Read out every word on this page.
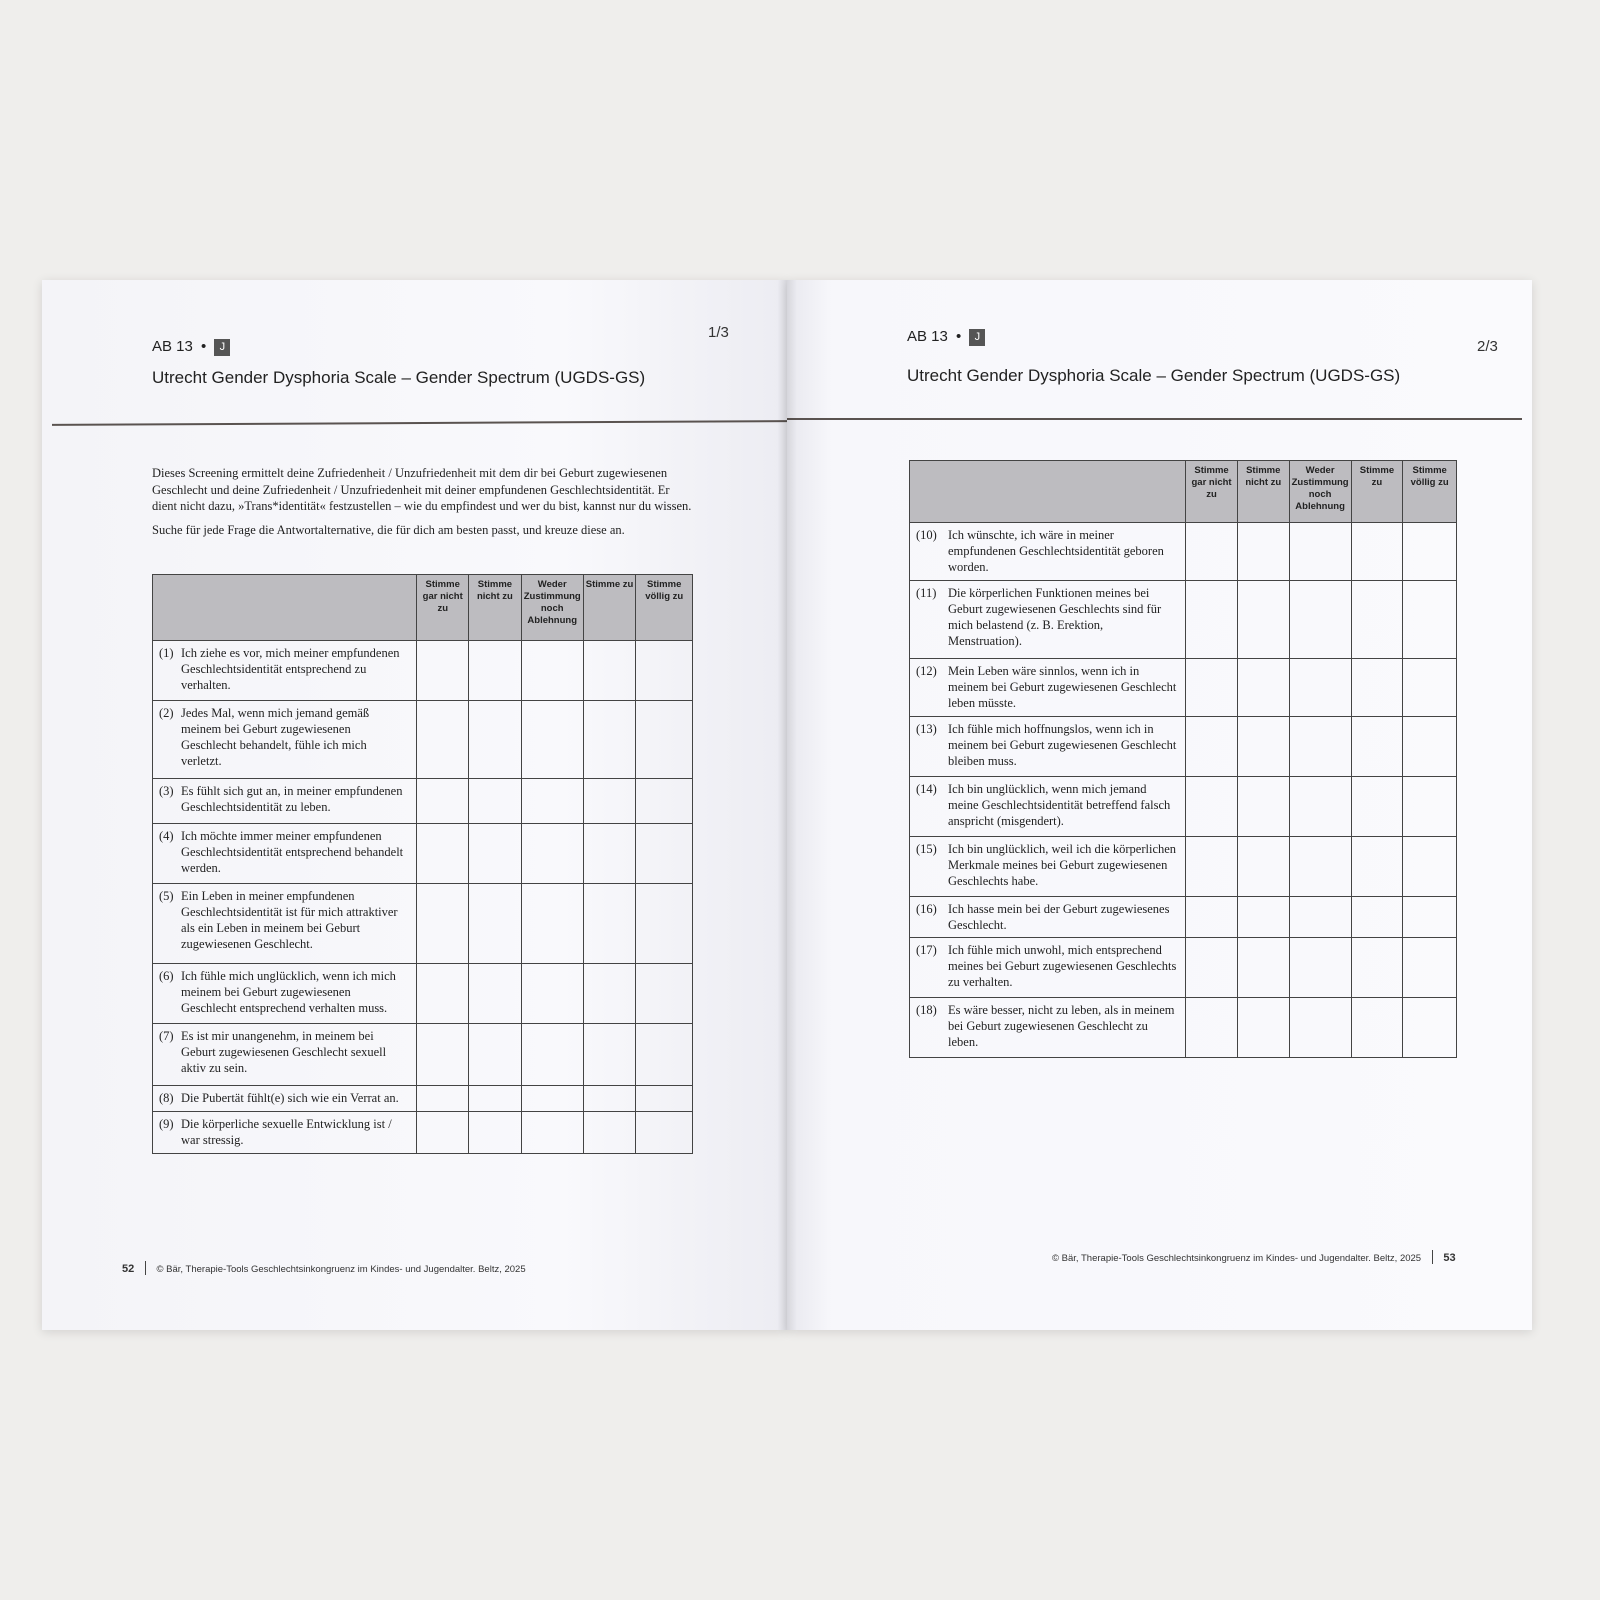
AB 13 • J
1/3
Utrecht Gender Dysphoria Scale – Gender Spectrum (UGDS-GS)

Dieses Screening ermittelt deine Zufriedenheit / Unzufriedenheit mit dem dir bei Geburt zugewiesenen Geschlecht und deine Zufriedenheit / Unzufriedenheit mit deiner empfundenen Geschlechtsidentität. Er dient nicht dazu, »Trans*identität« festzustellen – wie du empfindest und wer du bist, kannst nur du wissen.

Suche für jede Frage die Antwortalternative, die für dich am besten passt, und kreuze diese an.

	Stimme gar nicht zu	Stimme nicht zu	Weder Zustimmung noch Ablehnung	Stimme zu	Stimme völlig zu
(1) Ich ziehe es vor, mich meiner empfundenen Geschlechtsidentität entsprechend zu verhalten.					
(2) Jedes Mal, wenn mich jemand gemäß meinem bei Geburt zugewiesenen Geschlecht behandelt, fühle ich mich verletzt.					
(3) Es fühlt sich gut an, in meiner empfundenen Geschlechtsidentität zu leben.					
(4) Ich möchte immer meiner empfundenen Geschlechtsidentität entsprechend behandelt werden.					
(5) Ein Leben in meiner empfundenen Geschlechtsidentität ist für mich attraktiver als ein Leben in meinem bei Geburt zugewiesenen Geschlecht.					
(6) Ich fühle mich unglücklich, wenn ich mich meinem bei Geburt zugewiesenen Geschlecht entsprechend verhalten muss.					
(7) Es ist mir unangenehm, in meinem bei Geburt zugewiesenen Geschlecht sexuell aktiv zu sein.					
(8) Die Pubertät fühlt(e) sich wie ein Verrat an.					
(9) Die körperliche sexuelle Entwicklung ist / war stressig.					
52 © Bär, Therapie-Tools Geschlechtsinkongruenz im Kindes- und Jugendalter. Beltz, 2025
AB 13 • J
2/3
Utrecht Gender Dysphoria Scale – Gender Spectrum (UGDS-GS)
	Stimme gar nicht zu	Stimme nicht zu	Weder Zustimmung noch Ablehnung	Stimme zu	Stimme völlig zu
(10) Ich wünschte, ich wäre in meiner empfundenen Geschlechtsidentität geboren worden.					
(11) Die körperlichen Funktionen meines bei Geburt zugewiesenen Geschlechts sind für mich belastend (z. B. Erektion, Menstruation).					
(12) Mein Leben wäre sinnlos, wenn ich in meinem bei Geburt zugewiesenen Geschlecht leben müsste.					
(13) Ich fühle mich hoffnungslos, wenn ich in meinem bei Geburt zugewiesenen Geschlecht bleiben muss.					
(14) Ich bin unglücklich, wenn mich jemand meine Geschlechtsidentität betreffend falsch anspricht (misgendert).					
(15) Ich bin unglücklich, weil ich die körperlichen Merkmale meines bei Geburt zugewiesenen Geschlechts habe.					
(16) Ich hasse mein bei der Geburt zugewiesenes Geschlecht.					
(17) Ich fühle mich unwohl, mich entsprechend meines bei Geburt zugewiesenen Geschlechts zu verhalten.					
(18) Es wäre besser, nicht zu leben, als in meinem bei Geburt zugewiesenen Geschlecht zu leben.					
© Bär, Therapie-Tools Geschlechtsinkongruenz im Kindes- und Jugendalter. Beltz, 2025 53
